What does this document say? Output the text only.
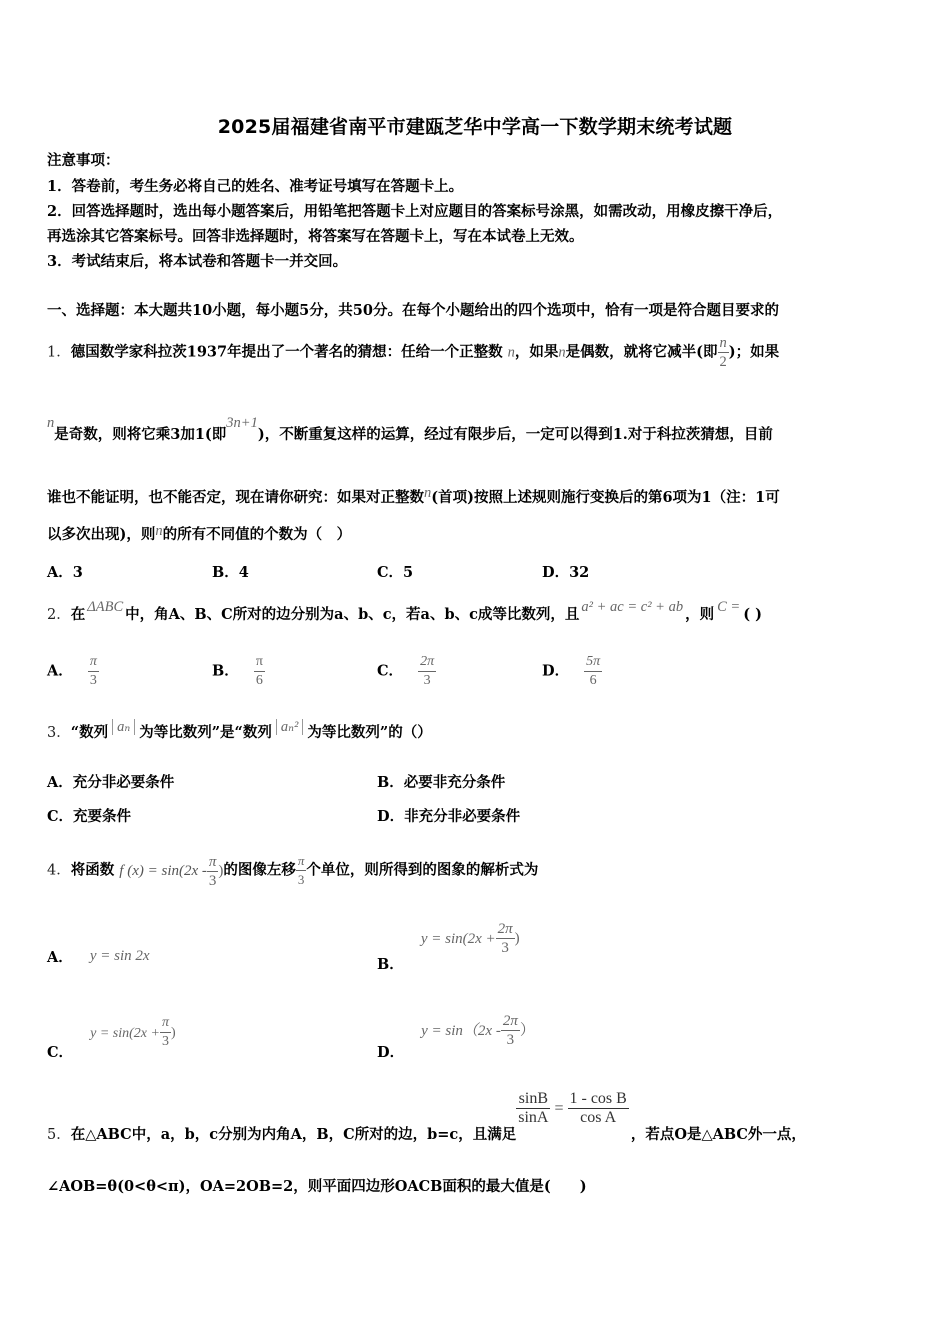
2025届福建省南平市建瓯芝华中学高一下数学期末统考试题
注意事项：
1．答卷前，考生务必将自己的姓名、准考证号填写在答题卡上。
2．回答选择题时，选出每小题答案后，用铅笔把答题卡上对应题目的答案标号涂黑，如需改动，用橡皮擦干净后，
再选涂其它答案标号。回答非选择题时，将答案写在答题卡上，写在本试卷上无效。
3．考试结束后，将本试卷和答题卡一并交回。
一、选择题：本大题共10小题，每小题5分，共50分。在每个小题给出的四个选项中，恰有一项是符合题目要求的
1．德国数学家科拉茨1937年提出了一个著名的猜想：任给一个正整数 n，如果n是偶数，就将它减半(即 $\frac{n}{2}$ )；如果
n是奇数，则将它乘3加1(即3n+1)，不断重复这样的运算，经过有限步后，一定可以得到1.对于科拉茨猜想，目前
谁也不能证明，也不能否定，现在请你研究：如果对正整数n(首项)按照上述规则施行变换后的第6项为1（注：1可
以多次出现)，则n的所有不同值的个数为（　）
A．3	B．4	C．5	D．32
2．在 ΔABC 中，角A、B、C所对的边分别为a、b、c，若a、b、c成等比数列，且 a² + ac = c² + ab ，则 C = ( )
A． $\frac{\pi}{3}$	B． $\frac{\pi}{6}$	C． $\frac{2\pi}{3}$	D． $\frac{5\pi}{6}$
3．“数列 aₙ 为等比数列”是“数列 aₙ² 为等比数列”的（）
A．充分非必要条件	B．必要非充分条件
C．充要条件	D．非充分非必要条件
4．将函数 f $(x) = \sin(2x - \frac{\pi}{3}$ )的图像左移 $\frac{\pi}{3}$ 个单位，则所得到的图象的解析式为
A． y = sin 2x	B． $y = \sin(2x + \frac{2\pi}{3}$ )
C． $y = \sin(2x + \frac{\pi}{3}$ )
D． $y = \sin(2x - \frac{2\pi}{3}$ ）
5．在△ABC中，a，b，c分别为内角A，B，C所对的边，b=c，且满足
$\frac{\sin B}{\sin A} = \frac{\text{1 - cos B}}{\text{cos A}}$
，若点O是△ABC外一点，
∠AOB=θ(0<θ<π)，OA=2OB=2，则平面四边形OACB面积的最大值是(　　)
